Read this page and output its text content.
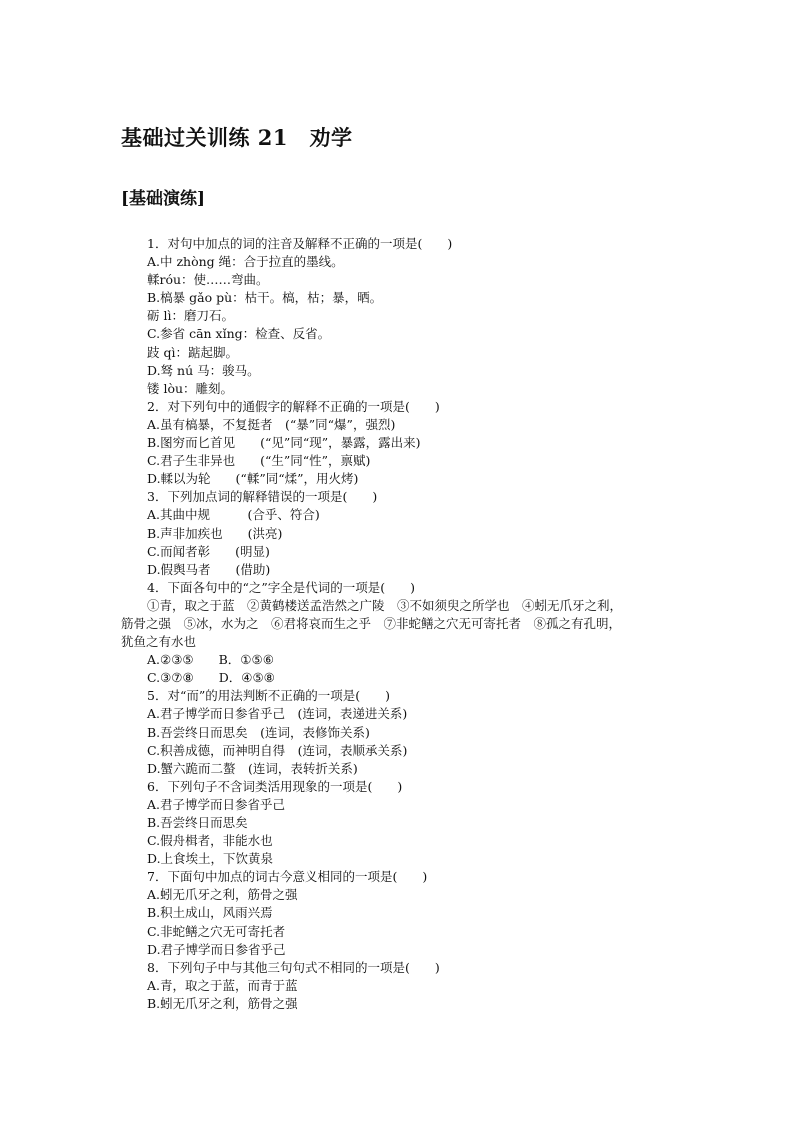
基础过关训练 21　劝学
[基础演练]
1．对句中加点的词的注音及解释不正确的一项是(　　)
A.中 zhòng 绳：合于拉直的墨线。
輮róu：使……弯曲。
B.槁暴 gǎo pù：枯干。槁，枯；暴，晒。
砺 lì：磨刀石。
C.参省 cān xǐng：检查、反省。
跂 qì：踮起脚。
D.驽 nú 马：骏马。
镂 lòu：雕刻。
2．对下列句中的通假字的解释不正确的一项是(　　)
A.虽有槁暴，不复挺者　(“暴”同“爆”，强烈)
B.图穷而匕首见　　(“见”同“现”，暴露，露出来)
C.君子生非异也　　(“生”同“性”，禀赋)
D.輮以为轮　　(“輮”同“煣”，用火烤)
3．下列加点词的解释错误的一项是(　　)
A.其曲中规　　　(合乎、符合)
B.声非加疾也　　(洪亮)
C.而闻者彰　　(明显)
D.假舆马者　　(借助)
4．下面各句中的“之”字全是代词的一项是(　　)
①青，取之于蓝　②黄鹤楼送孟浩然之广陵　③不如须臾之所学也　④蚓无爪牙之利，
筋骨之强　⑤冰，水为之　⑥君将哀而生之乎　⑦非蛇鳝之穴无可寄托者　⑧孤之有孔明，
犹鱼之有水也
A.②③⑤　　B．①⑤⑥
C.③⑦⑧　　D．④⑤⑧
5．对“而”的用法判断不正确的一项是(　　)
A.君子博学而日参省乎己　(连词，表递进关系)
B.吾尝终日而思矣　(连词，表修饰关系)
C.积善成德，而神明自得　(连词，表顺承关系)
D.蟹六跪而二螯　(连词，表转折关系)
6．下列句子不含词类活用现象的一项是(　　)
A.君子博学而日参省乎己
B.吾尝终日而思矣
C.假舟楫者，非能水也
D.上食埃土，下饮黄泉
7．下面句中加点的词古今意义相同的一项是(　　)
A.蚓无爪牙之利，筋骨之强
B.积土成山，风雨兴焉
C.非蛇鳝之穴无可寄托者
D.君子博学而日参省乎己
8．下列句子中与其他三句句式不相同的一项是(　　)
A.青，取之于蓝，而青于蓝
B.蚓无爪牙之利，筋骨之强
